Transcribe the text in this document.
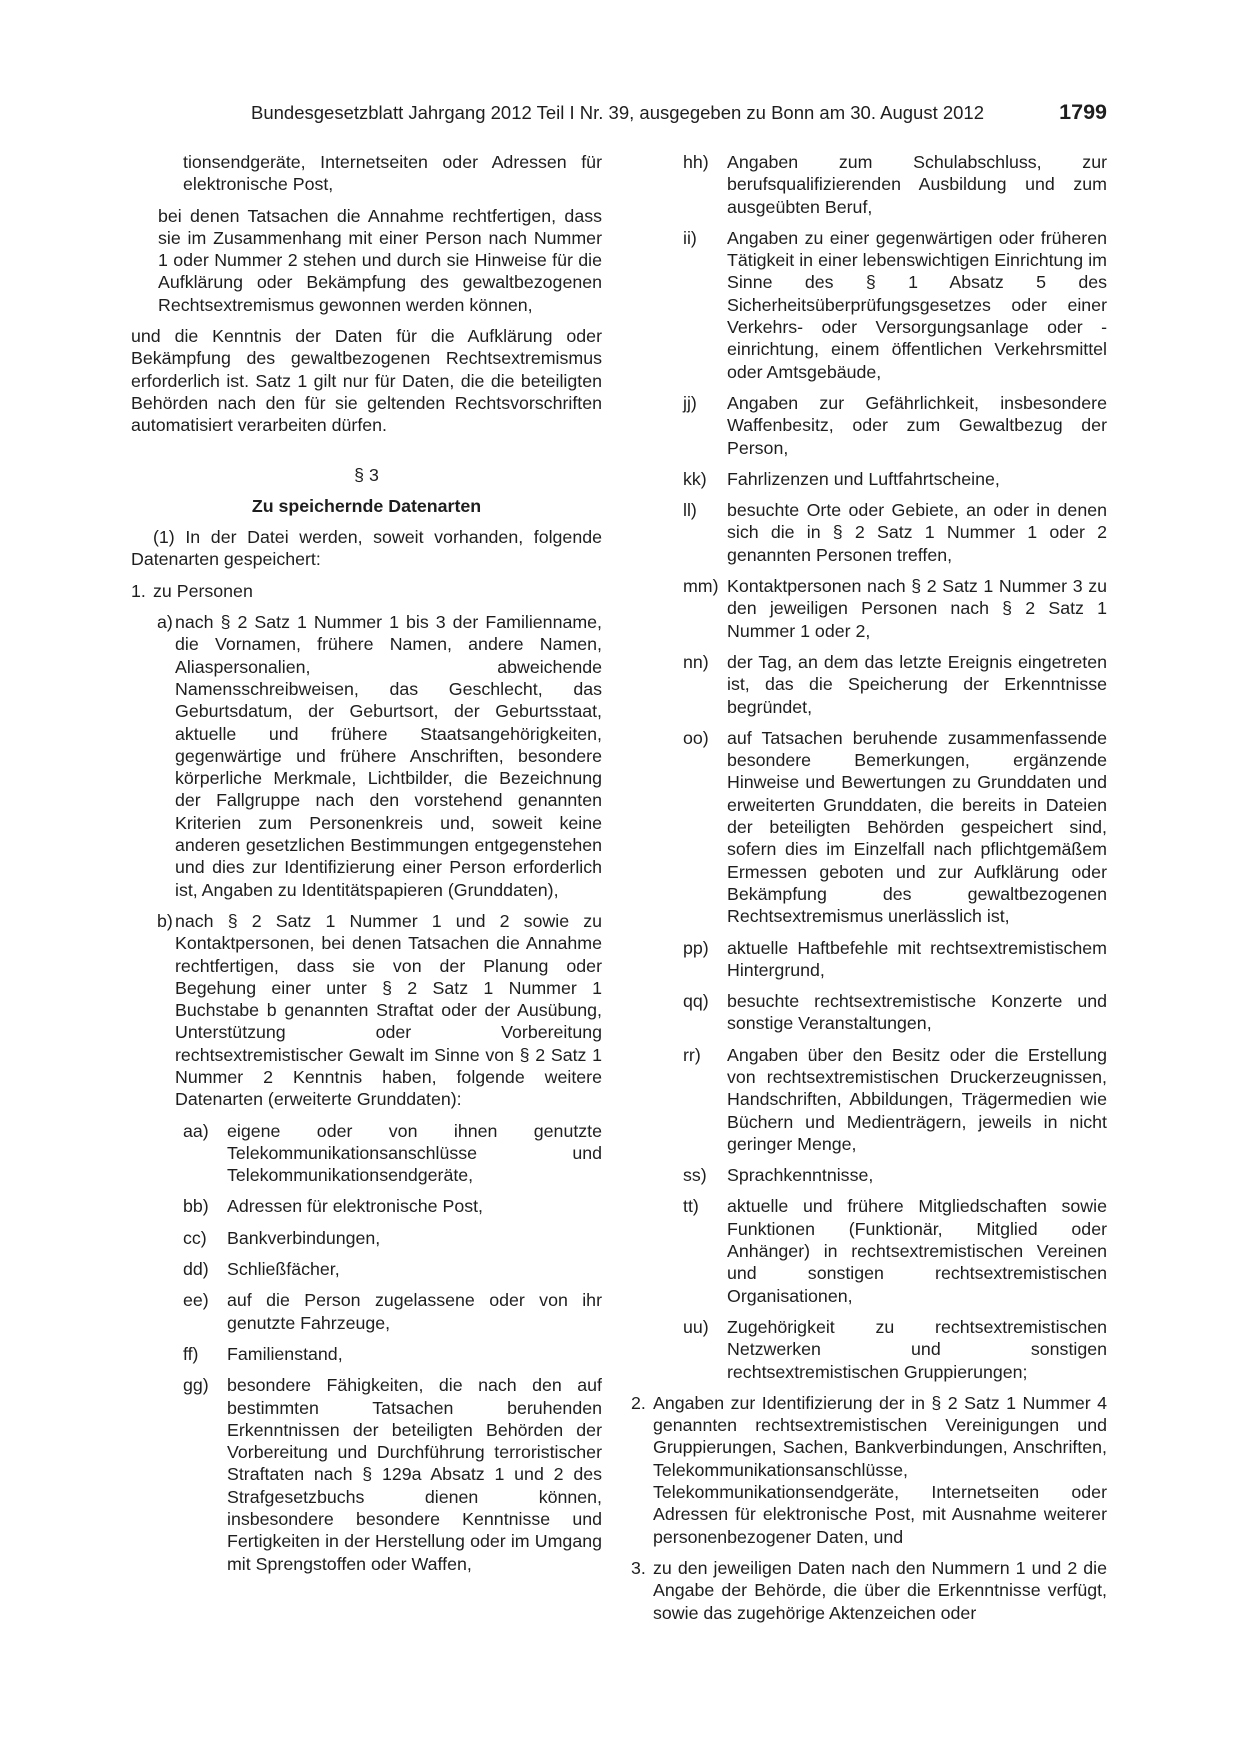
Bundesgesetzblatt Jahrgang 2012 Teil I Nr. 39, ausgegeben zu Bonn am 30. August 2012	1799
tionsendgeräte, Internetseiten oder Adressen für elektronische Post,
bei denen Tatsachen die Annahme rechtfertigen, dass sie im Zusammenhang mit einer Person nach Nummer 1 oder Nummer 2 stehen und durch sie Hinweise für die Aufklärung oder Bekämpfung des gewaltbezogenen Rechtsextremismus gewonnen werden können,
und die Kenntnis der Daten für die Aufklärung oder Bekämpfung des gewaltbezogenen Rechtsextremismus erforderlich ist. Satz 1 gilt nur für Daten, die die beteiligten Behörden nach den für sie geltenden Rechtsvorschriften automatisiert verarbeiten dürfen.
§ 3
Zu speichernde Datenarten
(1) In der Datei werden, soweit vorhanden, folgende Datenarten gespeichert:
1. zu Personen
a) nach § 2 Satz 1 Nummer 1 bis 3 der Familienname, die Vornamen, frühere Namen, andere Namen, Aliaspersonalien, abweichende Namensschreibweisen, das Geschlecht, das Geburtsdatum, der Geburtsort, der Geburtsstaat, aktuelle und frühere Staatsangehörigkeiten, gegenwärtige und frühere Anschriften, besondere körperliche Merkmale, Lichtbilder, die Bezeichnung der Fallgruppe nach den vorstehend genannten Kriterien zum Personenkreis und, soweit keine anderen gesetzlichen Bestimmungen entgegenstehen und dies zur Identifizierung einer Person erforderlich ist, Angaben zu Identitätspapieren (Grunddaten),
b) nach § 2 Satz 1 Nummer 1 und 2 sowie zu Kontaktpersonen, bei denen Tatsachen die Annahme rechtfertigen, dass sie von der Planung oder Begehung einer unter § 2 Satz 1 Nummer 1 Buchstabe b genannten Straftat oder der Ausübung, Unterstützung oder Vorbereitung rechtsextremistischer Gewalt im Sinne von § 2 Satz 1 Nummer 2 Kenntnis haben, folgende weitere Datenarten (erweiterte Grunddaten):
aa) eigene oder von ihnen genutzte Telekommunikationsanschlüsse und Telekommunikationsendgeräte,
bb) Adressen für elektronische Post,
cc) Bankverbindungen,
dd) Schließfächer,
ee) auf die Person zugelassene oder von ihr genutzte Fahrzeuge,
ff) Familienstand,
gg) besondere Fähigkeiten, die nach den auf bestimmten Tatsachen beruhenden Erkenntnissen der beteiligten Behörden der Vorbereitung und Durchführung terroristischer Straftaten nach § 129a Absatz 1 und 2 des Strafgesetzbuchs dienen können, insbesondere besondere Kenntnisse und Fertigkeiten in der Herstellung oder im Umgang mit Sprengstoffen oder Waffen,
hh) Angaben zum Schulabschluss, zur berufsqualifizierenden Ausbildung und zum ausgeübten Beruf,
ii) Angaben zu einer gegenwärtigen oder früheren Tätigkeit in einer lebenswichtigen Einrichtung im Sinne des § 1 Absatz 5 des Sicherheitsüberprüfungsgesetzes oder einer Verkehrs- oder Versorgungsanlage oder -einrichtung, einem öffentlichen Verkehrsmittel oder Amtsgebäude,
jj) Angaben zur Gefährlichkeit, insbesondere Waffenbesitz, oder zum Gewaltbezug der Person,
kk) Fahrlizenzen und Luftfahrtscheine,
ll) besuchte Orte oder Gebiete, an oder in denen sich die in § 2 Satz 1 Nummer 1 oder 2 genannten Personen treffen,
mm) Kontaktpersonen nach § 2 Satz 1 Nummer 3 zu den jeweiligen Personen nach § 2 Satz 1 Nummer 1 oder 2,
nn) der Tag, an dem das letzte Ereignis eingetreten ist, das die Speicherung der Erkenntnisse begründet,
oo) auf Tatsachen beruhende zusammenfassende besondere Bemerkungen, ergänzende Hinweise und Bewertungen zu Grunddaten und erweiterten Grunddaten, die bereits in Dateien der beteiligten Behörden gespeichert sind, sofern dies im Einzelfall nach pflichtgemäßem Ermessen geboten und zur Aufklärung oder Bekämpfung des gewaltbezogenen Rechtsextremismus unerlässlich ist,
pp) aktuelle Haftbefehle mit rechtsextremistischem Hintergrund,
qq) besuchte rechtsextremistische Konzerte und sonstige Veranstaltungen,
rr) Angaben über den Besitz oder die Erstellung von rechtsextremistischen Druckerzeugnissen, Handschriften, Abbildungen, Trägermedien wie Büchern und Medienträgern, jeweils in nicht geringer Menge,
ss) Sprachkenntnisse,
tt) aktuelle und frühere Mitgliedschaften sowie Funktionen (Funktionär, Mitglied oder Anhänger) in rechtsextremistischen Vereinen und sonstigen rechtsextremistischen Organisationen,
uu) Zugehörigkeit zu rechtsextremistischen Netzwerken und sonstigen rechtsextremistischen Gruppierungen;
2. Angaben zur Identifizierung der in § 2 Satz 1 Nummer 4 genannten rechtsextremistischen Vereinigungen und Gruppierungen, Sachen, Bankverbindungen, Anschriften, Telekommunikationsanschlüsse, Telekommunikationsendgeräte, Internetseiten oder Adressen für elektronische Post, mit Ausnahme weiterer personenbezogener Daten, und
3. zu den jeweiligen Daten nach den Nummern 1 und 2 die Angabe der Behörde, die über die Erkenntnisse verfügt, sowie das zugehörige Aktenzeichen oder
